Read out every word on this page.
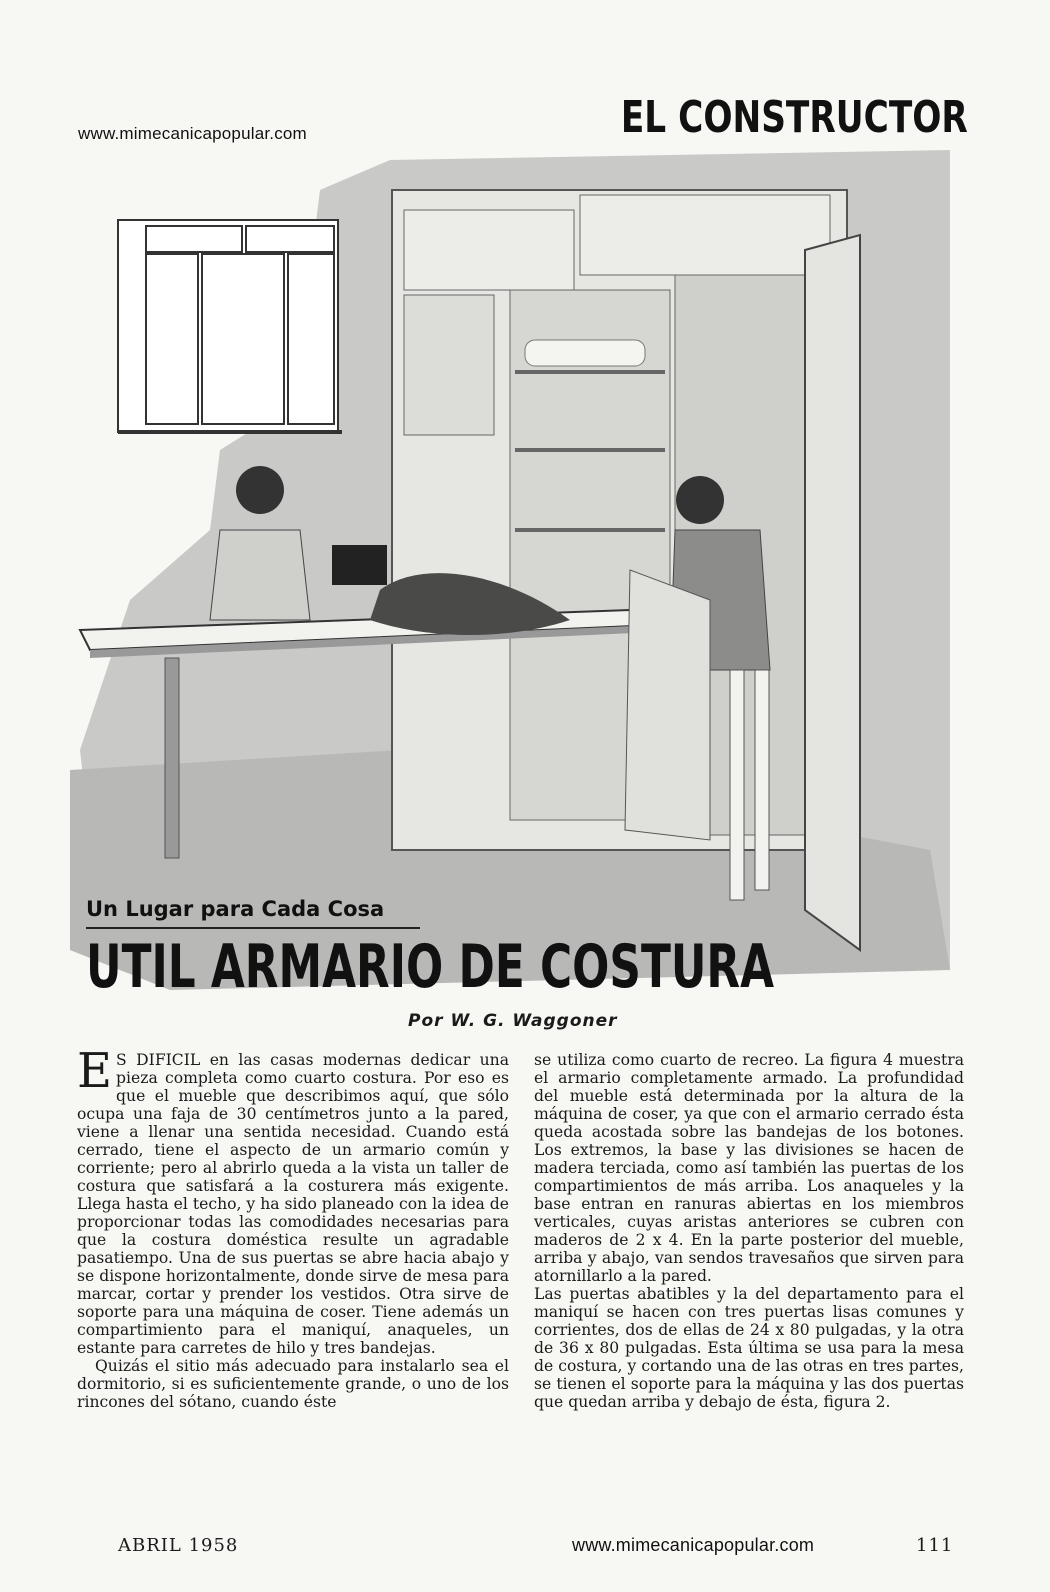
www.mimecanicapopular.com	EL CONSTRUCTOR
Un Lugar para Cada Cosa
UTIL ARMARIO DE COSTURA
Por W. G. Waggoner

E S DIFICIL en las casas modernas dedicar una pieza completa como cuarto costura. Por eso es que el mueble que describimos aquí, que sólo ocupa una faja de 30 centímetros junto a la pared, viene a llenar una sentida necesidad. Cuando está cerrado, tiene el aspecto de un armario común y corriente; pero al abrirlo queda a la vista un taller de costura que satisfará a la costurera más exigente. Llega hasta el techo, y ha sido planeado con la idea de proporcionar todas las comodidades necesarias para que la costura doméstica resulte un agradable pasatiempo. Una de sus puertas se abre hacia abajo y se dispone horizontalmente, donde sirve de mesa para marcar, cortar y prender los vestidos. Otra sirve de soporte para una máquina de coser. Tiene además un compartimiento para el maniquí, anaqueles, un estante para carretes de hilo y tres bandejas.

Quizás el sitio más adecuado para instalarlo sea el dormitorio, si es suficientemente grande, o uno de los rincones del sótano, cuando éste

se utiliza como cuarto de recreo. La figura 4 muestra el armario completamente armado. La profundidad del mueble está determinada por la altura de la máquina de coser, ya que con el armario cerrado ésta queda acostada sobre las bandejas de los botones. Los extremos, la base y las divisiones se hacen de madera terciada, como así también las puertas de los compartimientos de más arriba. Los anaqueles y la base entran en ranuras abiertas en los miembros verticales, cuyas aristas anteriores se cubren con maderos de 2 x 4. En la parte posterior del mueble, arriba y abajo, van sendos travesaños que sirven para atornillarlo a la pared.

Las puertas abatibles y la del departamento para el maniquí se hacen con tres puertas lisas comunes y corrientes, dos de ellas de 24 x 80 pulgadas, y la otra de 36 x 80 pulgadas. Esta última se usa para la mesa de costura, y cortando una de las otras en tres partes, se tienen el soporte para la máquina y las dos puertas que quedan arriba y debajo de ésta, figura 2.

ABRIL 1958	www.mimecanicapopular.com	111
